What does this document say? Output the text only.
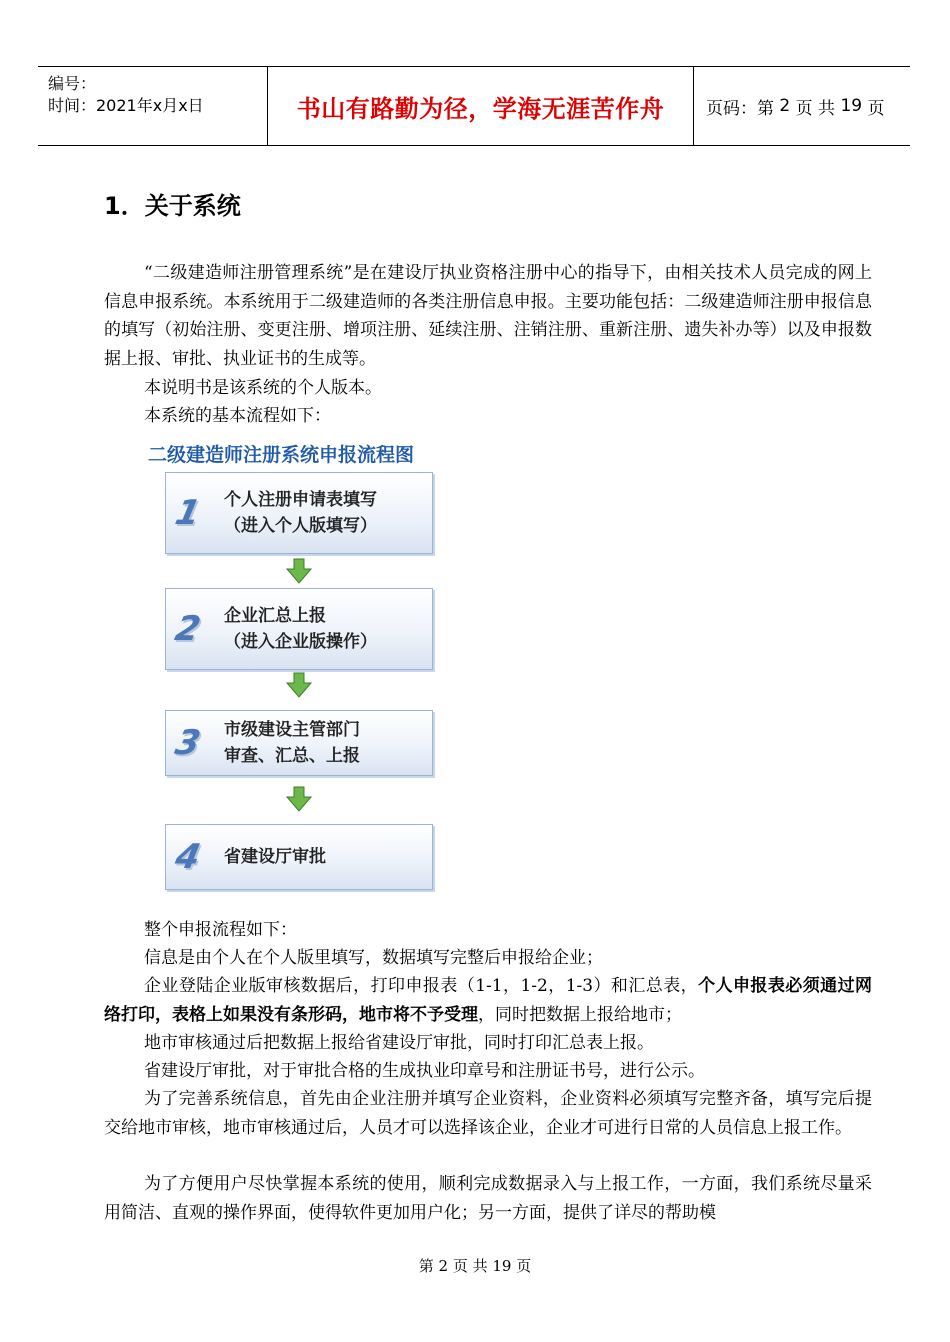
编号：
时间：2021年x月x日	书山有路勤为径，学海无涯苦作舟	页码：第
2
页 共
19
页
1．关于系统
“二级建造师注册管理系统”是在建设厅执业资格注册中心的指导下，由相关技术人员完成的网上信息申报系统。本系统用于二级建造师的各类注册信息申报。主要功能包括：二级建造师注册申报信息的填写（初始注册、变更注册、增项注册、延续注册、注销注册、重新注册、遗失补办等）以及申报数据上报、审批、执业证书的生成等。
本说明书是该系统的个人版本。
本系统的基本流程如下：
二级建造师注册系统申报流程图
1 个人注册申请表填写
（进入个人版填写）
2 企业汇总上报
（进入企业版操作）
3 市级建设主管部门
审查、汇总、上报
4 省建设厅审批
整个申报流程如下：
信息是由个人在个人版里填写，数据填写完整后申报给企业；
企业登陆企业版审核数据后，打印申报表（1-1，1-2，1-3）和汇总表，个人申报表必须通过网络打印，表格上如果没有条形码，地市将不予受理，同时把数据上报给地市；
地市审核通过后把数据上报给省建设厅审批，同时打印汇总表上报。
省建设厅审批，对于审批合格的生成执业印章号和注册证书号，进行公示。
为了完善系统信息，首先由企业注册并填写企业资料，企业资料必须填写完整齐备，填写完后提交给地市审核，地市审核通过后，人员才可以选择该企业，企业才可进行日常的人员信息上报工作。
为了方便用户尽快掌握本系统的使用，顺利完成数据录入与上报工作，一方面，我们系统尽量采用简洁、直观的操作界面，使得软件更加用户化；另一方面，提供了详尽的帮助模
第 2 页 共 19 页
